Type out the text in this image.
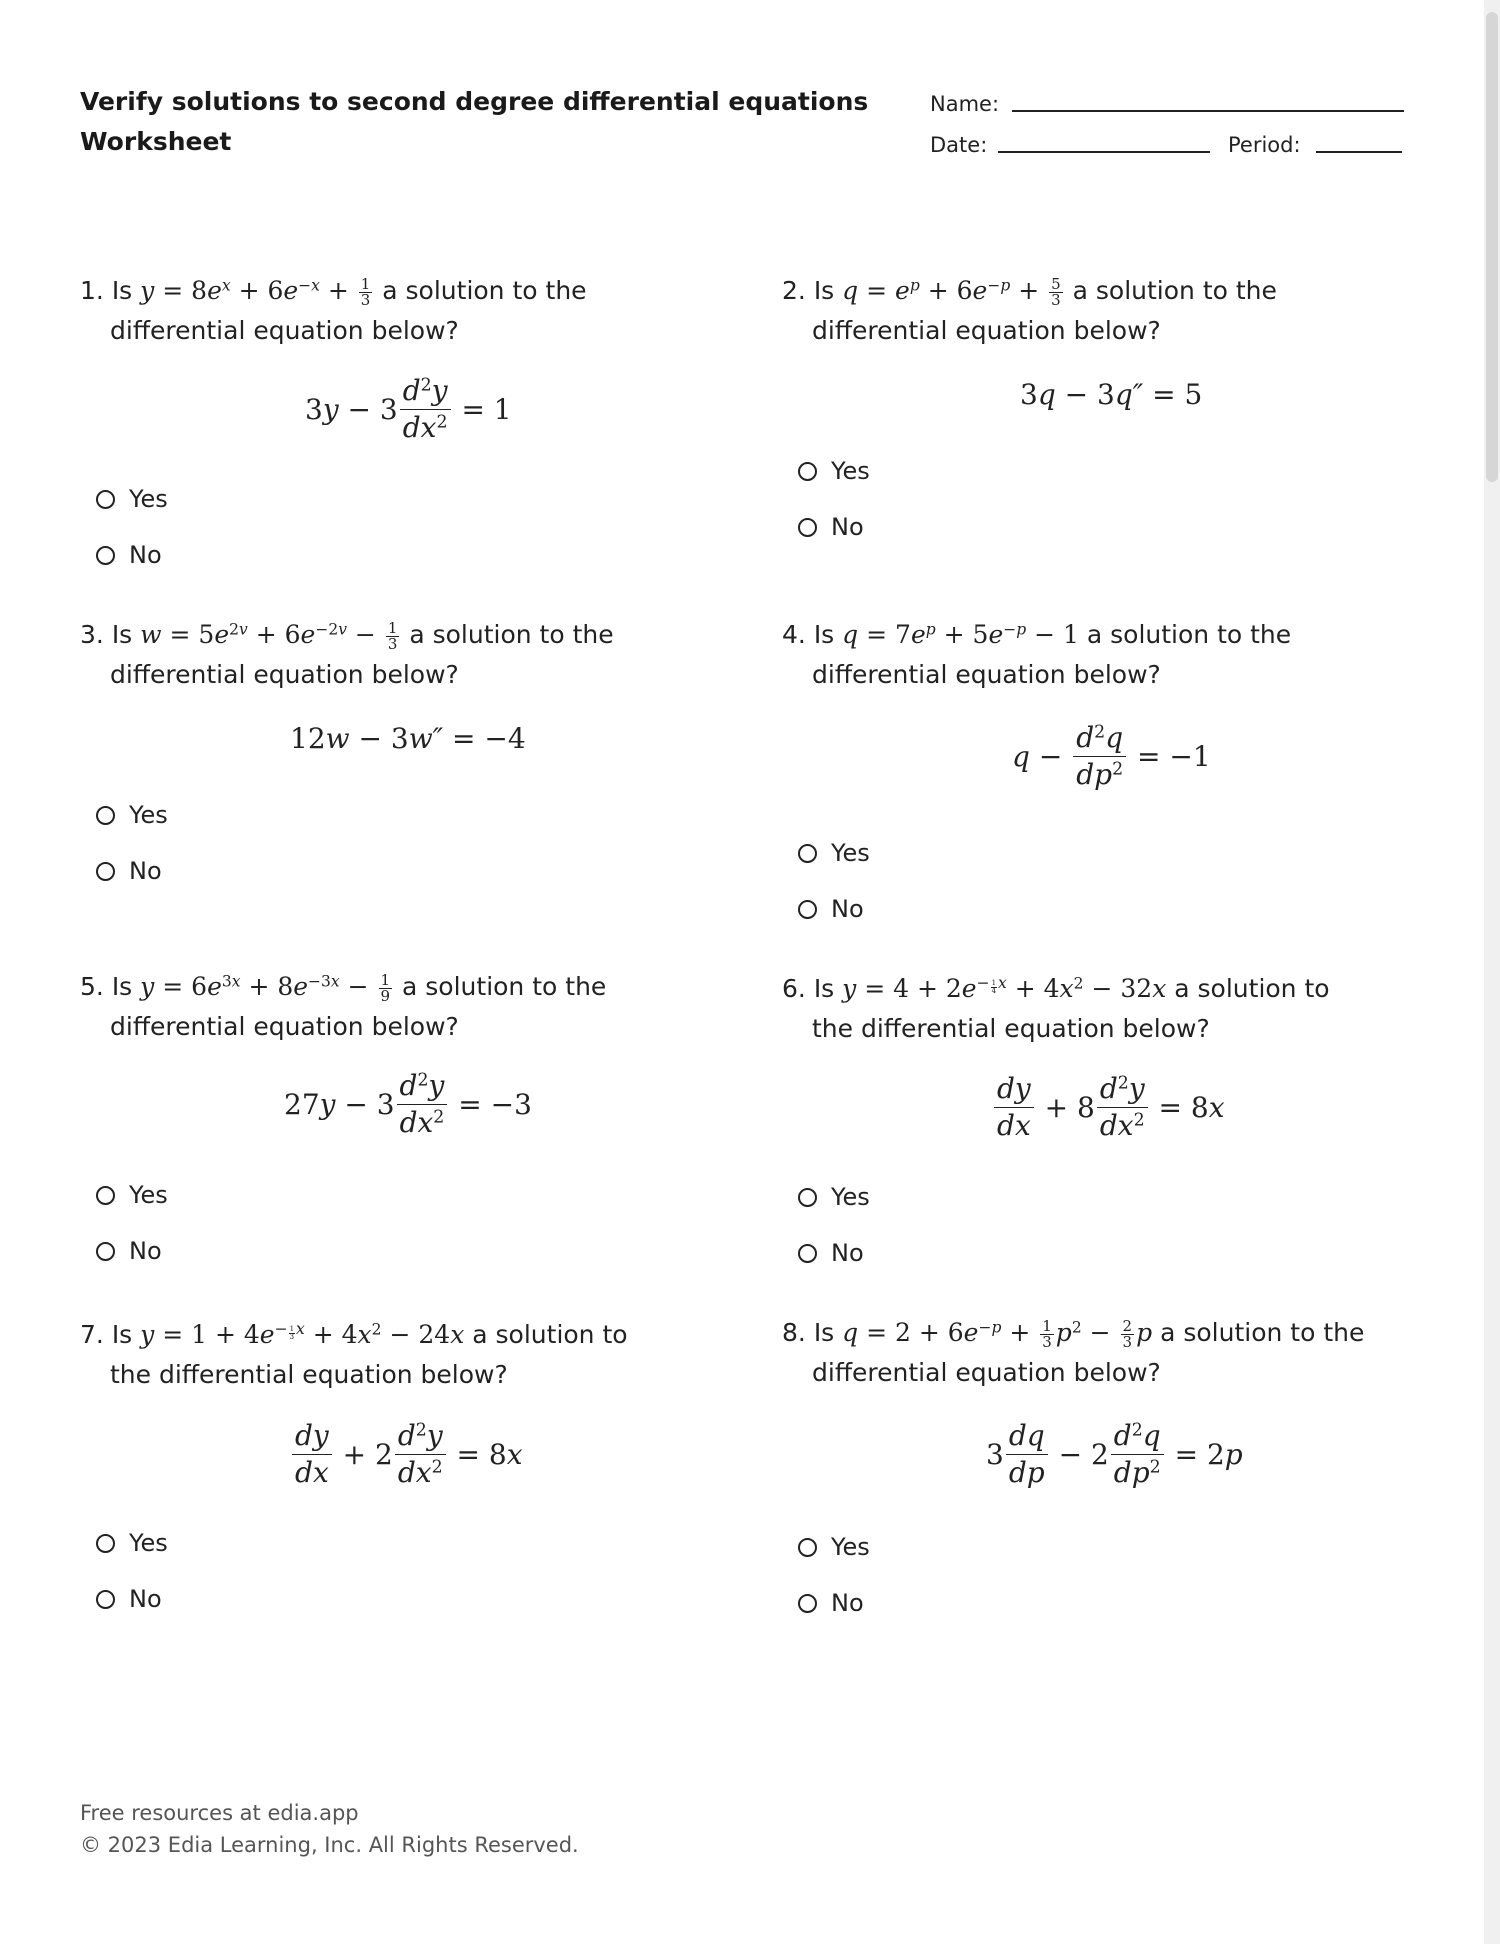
Verify solutions to second degree differential equations
Worksheet
Name:
Date:	Period:
1. Is $y = 8e^x + 6e^{-x} + \frac{1}{3}$ a solution to the
differential equation below?
$3y - 3 \frac{d^2y}{dx^2} = 1$
Yes
No
2. Is $q = e^p + 6e^{-p} + \frac{5}{3}$ a solution to the
differential equation below?
3q − 3q″ = 5
Yes
No
3. Is $w = 5e^{2v} + 6e^{-2v} - \frac{1}{3}$ a solution to the
differential equation below?
12w − 3w″ = −4
Yes
No
4. Is $q = 7e^p + 5e^{-p} - 1$ a solution to the
differential equation below?
$q - \frac{d^2q}{dp^2} = -1$
Yes
No
5. Is $y = 6e^{3x} + 8e^{-3x} - \frac{1}{9}$ a solution to the
differential equation below?
$27y - 3 \frac{d^2y}{dx^2} = -3$
Yes
No
6. Is $y = 4 + 2e^{- \frac{1}{4} x} + 4x^2 - 32x$ a solution to
the differential equation below?
$\frac{dy}{dx} + 8 \frac{d^2y}{dx^2} = 8x$
Yes
No
7. Is $y = 1 + 4e^{- \frac{1}{3} x} + 4x^2 - 24x$ a solution to
the differential equation below?
$\frac{dy}{dx} + 2 \frac{d^2y}{dx^2} = 8x$
Yes
No
8. Is $q = 2 + 6e^{-p} + \frac{1}{3} p^2 - \frac{2}{3}$ p a solution to the
differential equation below?
$3 \frac{dq}{dp} - 2 \frac{d^2q}{dp^2} = 2p$
Yes
No
Free resources at edia.app
© 2023 Edia Learning, Inc. All Rights Reserved.
